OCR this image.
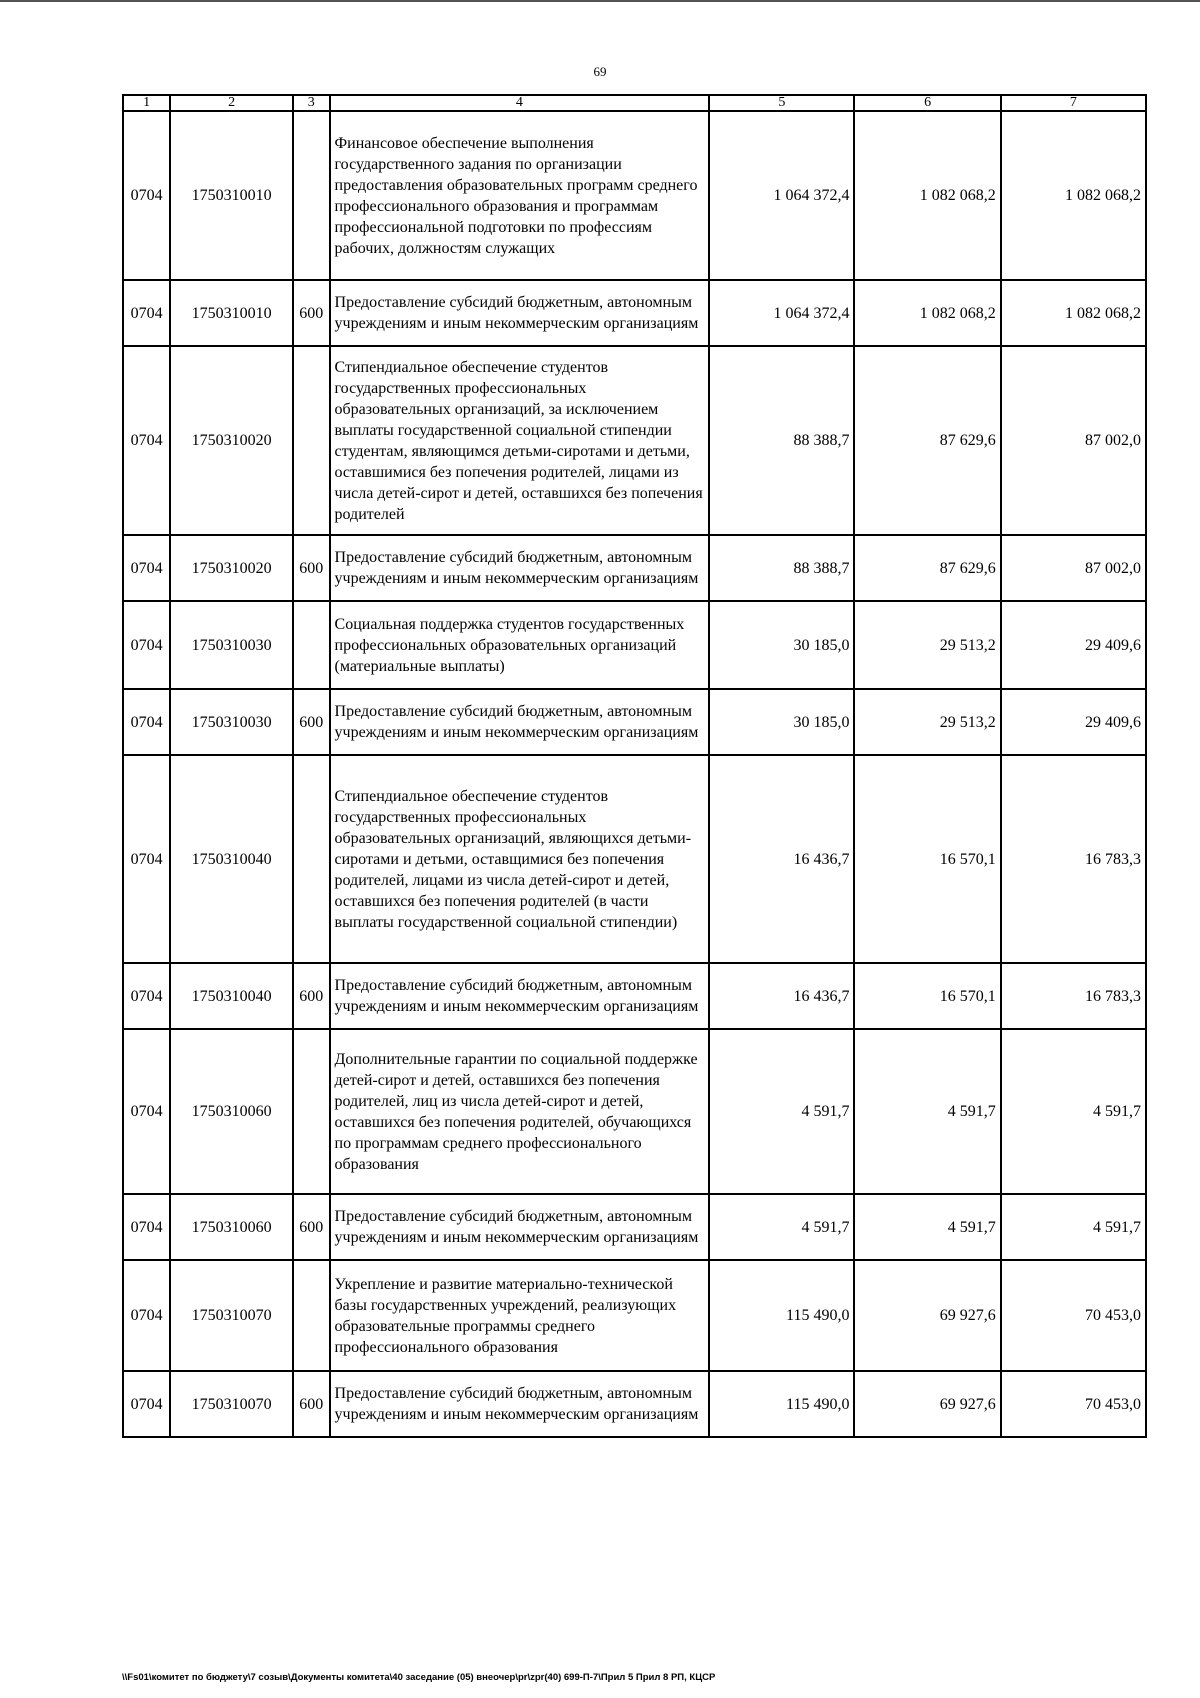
69
1	2	3	4	5	6	7
0704	1750310010		Финансовое обеспечение выполнения государственного задания по организации предоставления образовательных программ среднего профессионального образования и программам профессиональной подготовки по профессиям рабочих, должностям служащих	1 064 372,4	1 082 068,2	1 082 068,2
0704	1750310010	600	Предоставление субсидий бюджетным, автономным учреждениям и иным некоммерческим организациям	1 064 372,4	1 082 068,2	1 082 068,2
0704	1750310020		Стипендиальное обеспечение студентов государственных профессиональных образовательных организаций, за исключением выплаты государственной социальной стипендии студентам, являющимся детьми-сиротами и детьми, оставшимися без попечения родителей, лицами из числа детей-сирот и детей, оставшихся без попечения родителей	88 388,7	87 629,6	87 002,0
0704	1750310020	600	Предоставление субсидий бюджетным, автономным учреждениям и иным некоммерческим организациям	88 388,7	87 629,6	87 002,0
0704	1750310030		Социальная поддержка студентов государственных профессиональных образовательных организаций (материальные выплаты)	30 185,0	29 513,2	29 409,6
0704	1750310030	600	Предоставление субсидий бюджетным, автономным учреждениям и иным некоммерческим организациям	30 185,0	29 513,2	29 409,6
0704	1750310040		Стипендиальное обеспечение студентов государственных профессиональных образовательных организаций, являющихся детьми-сиротами и детьми, оставщимися без попечения родителей, лицами из числа детей-сирот и детей, оставшихся без попечения родителей (в части выплаты государственной социальной стипендии)	16 436,7	16 570,1	16 783,3
0704	1750310040	600	Предоставление субсидий бюджетным, автономным учреждениям и иным некоммерческим организациям	16 436,7	16 570,1	16 783,3
0704	1750310060		Дополнительные гарантии по социальной поддержке детей-сирот и детей, оставшихся без попечения родителей, лиц из числа детей-сирот и детей, оставшихся без попечения родителей, обучающихся по программам среднего профессионального образования	4 591,7	4 591,7	4 591,7
0704	1750310060	600	Предоставление субсидий бюджетным, автономным учреждениям и иным некоммерческим организациям	4 591,7	4 591,7	4 591,7
0704	1750310070		Укрепление и развитие материально-технической базы государственных учреждений, реализующих образовательные программы среднего профессионального образования	115 490,0	69 927,6	70 453,0
0704	1750310070	600	Предоставление субсидий бюджетным, автономным учреждениям и иным некоммерческим организациям	115 490,0	69 927,6	70 453,0
\\Fs01\комитет по бюджету\7 созыв\Документы комитета\40 заседание (05) внеочер\pr\zpr(40) 699-П-7\Прил 5 Прил 8 РП, КЦСР
